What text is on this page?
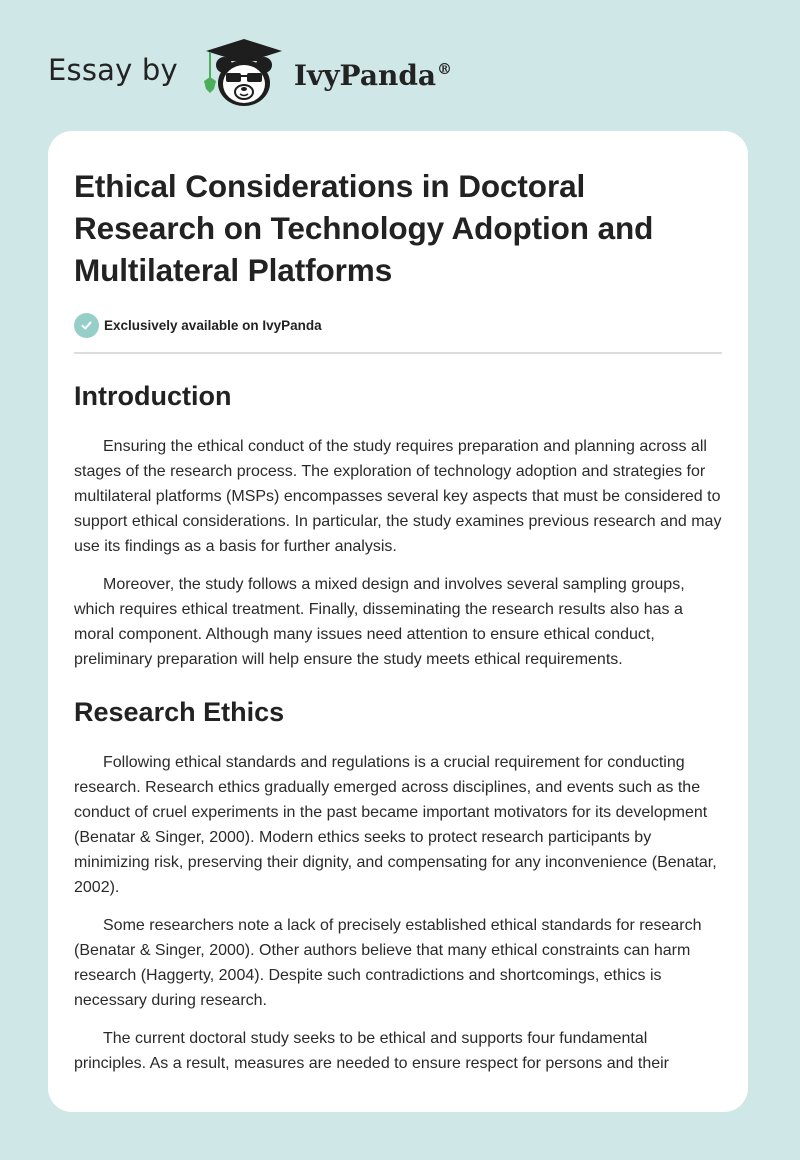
Essay by	IvyPanda®
Ethical Considerations in Doctoral Research on Technology Adoption and Multilateral Platforms
Exclusively available on IvyPanda
Introduction

Ensuring the ethical conduct of the study requires preparation and planning across all stages of the research process. The exploration of technology adoption and strategies for multilateral platforms (MSPs) encompasses several key aspects that must be considered to support ethical considerations. In particular, the study examines previous research and may use its findings as a basis for further analysis.

Moreover, the study follows a mixed design and involves several sampling groups, which requires ethical treatment. Finally, disseminating the research results also has a moral component. Although many issues need attention to ensure ethical conduct, preliminary preparation will help ensure the study meets ethical requirements.

Research Ethics

Following ethical standards and regulations is a crucial requirement for conducting research. Research ethics gradually emerged across disciplines, and events such as the conduct of cruel experiments in the past became important motivators for its development (Benatar & Singer, 2000). Modern ethics seeks to protect research participants by minimizing risk, preserving their dignity, and compensating for any inconvenience (Benatar, 2002).

Some researchers note a lack of precisely established ethical standards for research (Benatar & Singer, 2000). Other authors believe that many ethical constraints can harm research (Haggerty, 2004). Despite such contradictions and shortcomings, ethics is necessary during research.

The current doctoral study seeks to be ethical and supports four fundamental principles. As a result, measures are needed to ensure respect for persons and their
